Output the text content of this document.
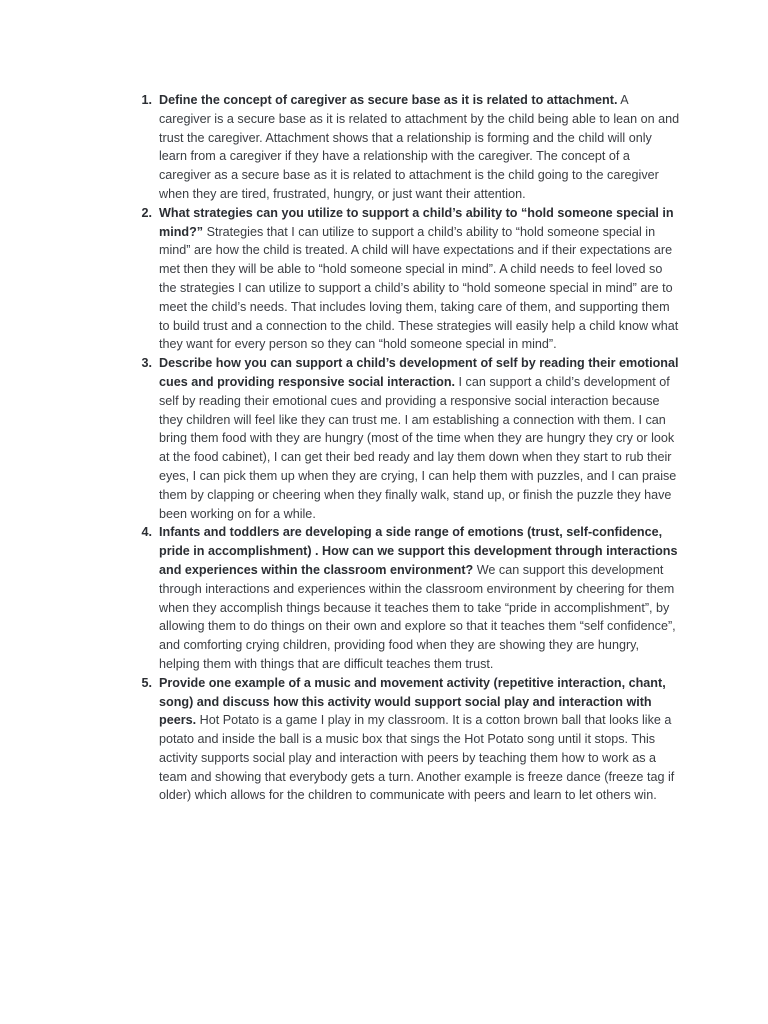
1. Define the concept of caregiver as secure base as it is related to attachment. A caregiver is a secure base as it is related to attachment by the child being able to lean on and trust the caregiver. Attachment shows that a relationship is forming and the child will only learn from a caregiver if they have a relationship with the caregiver. The concept of a caregiver as a secure base as it is related to attachment is the child going to the caregiver when they are tired, frustrated, hungry, or just want their attention.
2. What strategies can you utilize to support a child’s ability to “hold someone special in mind?” Strategies that I can utilize to support a child’s ability to “hold someone special in mind” are how the child is treated. A child will have expectations and if their expectations are met then they will be able to “hold someone special in mind”. A child needs to feel loved so the strategies I can utilize to support a child’s ability to “hold someone special in mind” are to meet the child’s needs. That includes loving them, taking care of them, and supporting them to build trust and a connection to the child. These strategies will easily help a child know what they want for every person so they can “hold someone special in mind”.
3. Describe how you can support a child’s development of self by reading their emotional cues and providing responsive social interaction. I can support a child’s development of self by reading their emotional cues and providing a responsive social interaction because they children will feel like they can trust me. I am establishing a connection with them. I can bring them food with they are hungry (most of the time when they are hungry they cry or look at the food cabinet), I can get their bed ready and lay them down when they start to rub their eyes, I can pick them up when they are crying, I can help them with puzzles, and I can praise them by clapping or cheering when they finally walk, stand up, or finish the puzzle they have been working on for a while.
4. Infants and toddlers are developing a side range of emotions (trust, self-confidence, pride in accomplishment) . How can we support this development through interactions and experiences within the classroom environment? We can support this development through interactions and experiences within the classroom environment by cheering for them when they accomplish things because it teaches them to take “pride in accomplishment”, by allowing them to do things on their own and explore so that it teaches them “self confidence”, and comforting crying children, providing food when they are showing they are hungry, helping them with things that are difficult teaches them trust.
5. Provide one example of a music and movement activity (repetitive interaction, chant, song) and discuss how this activity would support social play and interaction with peers. Hot Potato is a game I play in my classroom. It is a cotton brown ball that looks like a potato and inside the ball is a music box that sings the Hot Potato song until it stops. This activity supports social play and interaction with peers by teaching them how to work as a team and showing that everybody gets a turn. Another example is freeze dance (freeze tag if older) which allows for the children to communicate with peers and learn to let others win.
